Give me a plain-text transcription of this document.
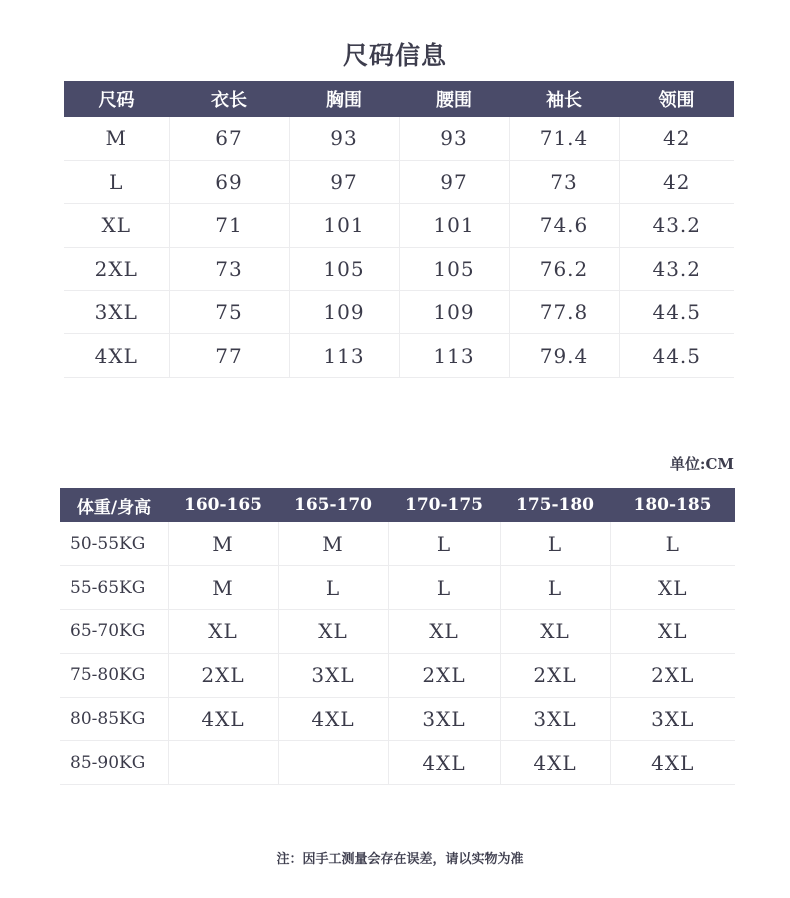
尺码信息
尺码	衣长	胸围	腰围	袖长	领围
M	67	93	93	71.4	42
L	69	97	97	73	42
XL	71	101	101	74.6	43.2
2XL	73	105	105	76.2	43.2
3XL	75	109	109	77.8	44.5
4XL	77	113	113	79.4	44.5
单位:CM
体重/身高	160-165	165-170	170-175	175-180	180-185
50-55KG	M	M	L	L	L
55-65KG	M	L	L	L	XL
65-70KG	XL	XL	XL	XL	XL
75-80KG	2XL	3XL	2XL	2XL	2XL
80-85KG	4XL	4XL	3XL	3XL	3XL
85-90KG			4XL	4XL	4XL
注：因手工测量会存在误差，请以实物为准
